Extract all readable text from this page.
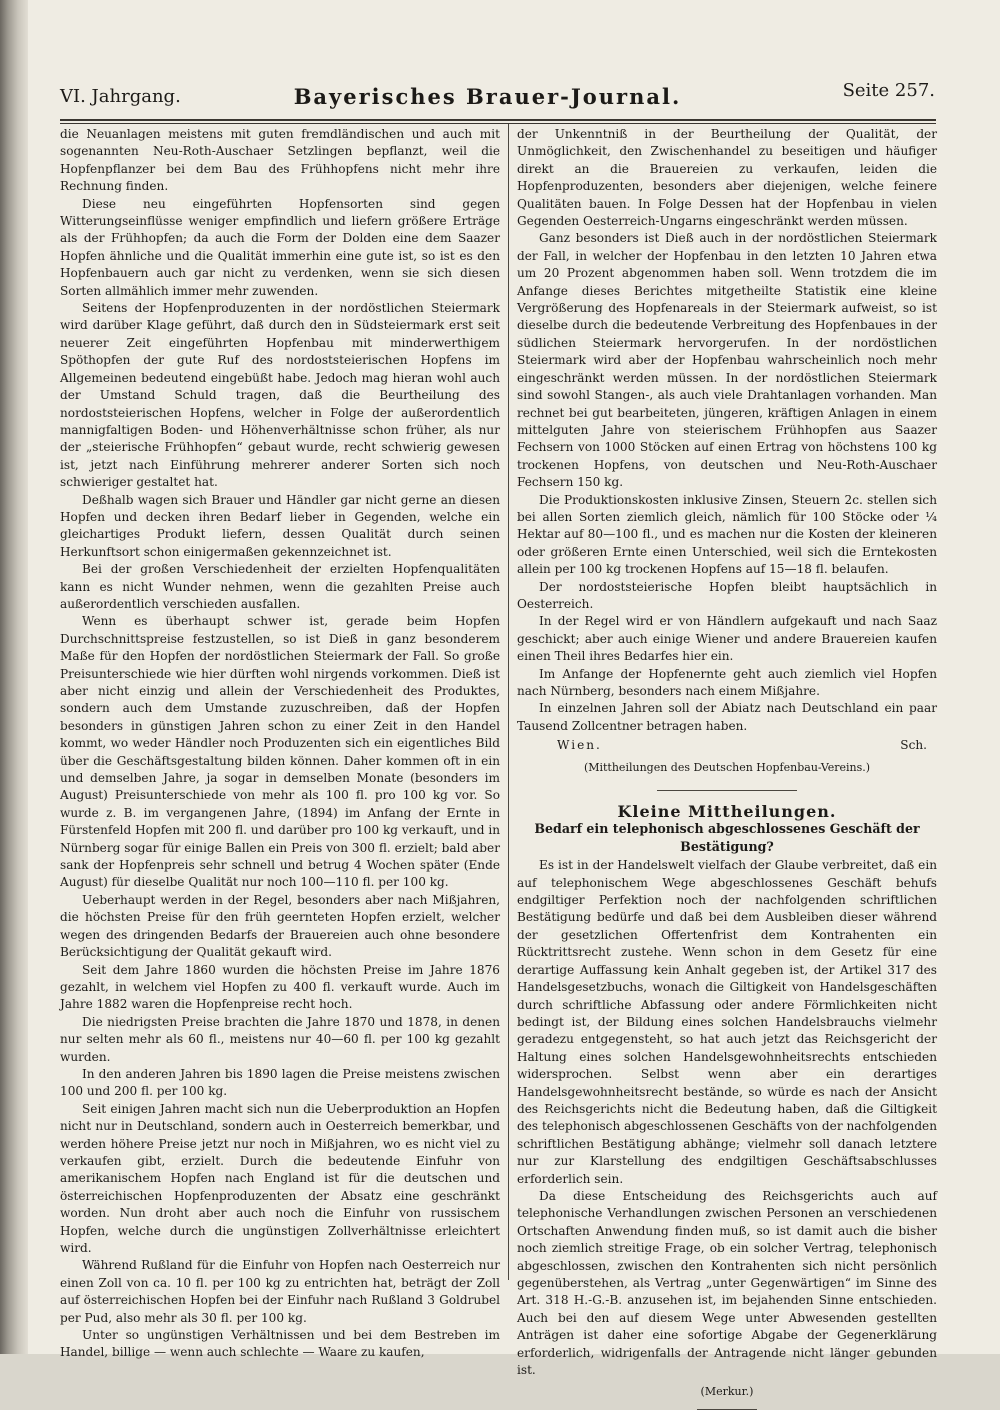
VI. Jahrgang.	Bayerisches Brauer-Journal.	Seite 257.

die Neuanlagen meistens mit guten fremdländischen und auch mit sogenannten Neu-Roth-Auschaer Setzlingen bepflanzt, weil die Hopfenpflanzer bei dem Bau des Frühhopfens nicht mehr ihre Rechnung finden.

Diese neu eingeführten Hopfensorten sind gegen Witterungseinflüsse weniger empfindlich und liefern größere Erträge als der Frühhopfen; da auch die Form der Dolden eine dem Saazer Hopfen ähnliche und die Qualität immerhin eine gute ist, so ist es den Hopfenbauern auch gar nicht zu verdenken, wenn sie sich diesen Sorten allmählich immer mehr zuwenden.

Seitens der Hopfenproduzenten in der nordöstlichen Steiermark wird darüber Klage geführt, daß durch den in Südsteiermark erst seit neuerer Zeit eingeführten Hopfenbau mit minderwerthigem Spöthopfen der gute Ruf des nordoststeierischen Hopfens im Allgemeinen bedeutend eingebüßt habe. Jedoch mag hieran wohl auch der Umstand Schuld tragen, daß die Beurtheilung des nordoststeierischen Hopfens, welcher in Folge der außerordentlich mannigfaltigen Boden- und Höhenverhältnisse schon früher, als nur der „steierische Frühhopfen“ gebaut wurde, recht schwierig gewesen ist, jetzt nach Einführung mehrerer anderer Sorten sich noch schwieriger gestaltet hat.

Deßhalb wagen sich Brauer und Händler gar nicht gerne an diesen Hopfen und decken ihren Bedarf lieber in Gegenden, welche ein gleichartiges Produkt liefern, dessen Qualität durch seinen Herkunftsort schon einigermaßen gekennzeichnet ist.

Bei der großen Verschiedenheit der erzielten Hopfenqualitäten kann es nicht Wunder nehmen, wenn die gezahlten Preise auch außerordentlich verschieden ausfallen.

Wenn es überhaupt schwer ist, gerade beim Hopfen Durchschnittspreise festzustellen, so ist Dieß in ganz besonderem Maße für den Hopfen der nordöstlichen Steiermark der Fall. So große Preisunterschiede wie hier dürften wohl nirgends vorkommen. Dieß ist aber nicht einzig und allein der Verschiedenheit des Produktes, sondern auch dem Umstande zuzuschreiben, daß der Hopfen besonders in günstigen Jahren schon zu einer Zeit in den Handel kommt, wo weder Händler noch Produzenten sich ein eigentliches Bild über die Geschäftsgestaltung bilden können. Daher kommen oft in ein und demselben Jahre, ja sogar in demselben Monate (besonders im August) Preisunterschiede von mehr als 100 fl. pro 100 kg vor. So wurde z. B. im vergangenen Jahre, (1894) im Anfang der Ernte in Fürstenfeld Hopfen mit 200 fl. und darüber pro 100 kg verkauft, und in Nürnberg sogar für einige Ballen ein Preis von 300 fl. erzielt; bald aber sank der Hopfenpreis sehr schnell und betrug 4 Wochen später (Ende August) für dieselbe Qualität nur noch 100—110 fl. per 100 kg.

Ueberhaupt werden in der Regel, besonders aber nach Mißjahren, die höchsten Preise für den früh geernteten Hopfen erzielt, welcher wegen des dringenden Bedarfs der Brauereien auch ohne besondere Berücksichtigung der Qualität gekauft wird.

Seit dem Jahre 1860 wurden die höchsten Preise im Jahre 1876 gezahlt, in welchem viel Hopfen zu 400 fl. verkauft wurde. Auch im Jahre 1882 waren die Hopfenpreise recht hoch.

Die niedrigsten Preise brachten die Jahre 1870 und 1878, in denen nur selten mehr als 60 fl., meistens nur 40—60 fl. per 100 kg gezahlt wurden.

In den anderen Jahren bis 1890 lagen die Preise meistens zwischen 100 und 200 fl. per 100 kg.

Seit einigen Jahren macht sich nun die Ueberproduktion an Hopfen nicht nur in Deutschland, sondern auch in Oesterreich bemerkbar, und werden höhere Preise jetzt nur noch in Mißjahren, wo es nicht viel zu verkaufen gibt, erzielt. Durch die bedeutende Einfuhr von amerikanischem Hopfen nach England ist für die deutschen und österreichischen Hopfenproduzenten der Absatz eine geschränkt worden. Nun droht aber auch noch die Einfuhr von russischem Hopfen, welche durch die ungünstigen Zollverhältnisse erleichtert wird.

Während Rußland für die Einfuhr von Hopfen nach Oesterreich nur einen Zoll von ca. 10 fl. per 100 kg zu entrichten hat, beträgt der Zoll auf österreichischen Hopfen bei der Einfuhr nach Rußland 3 Goldrubel per Pud, also mehr als 30 fl. per 100 kg.

Unter so ungünstigen Verhältnissen und bei dem Bestreben im Handel, billige — wenn auch schlechte — Waare zu kaufen,

der Unkenntniß in der Beurtheilung der Qualität, der Unmöglichkeit, den Zwischenhandel zu beseitigen und häufiger direkt an die Brauereien zu verkaufen, leiden die Hopfenproduzenten, besonders aber diejenigen, welche feinere Qualitäten bauen. In Folge Dessen hat der Hopfenbau in vielen Gegenden Oesterreich-Ungarns eingeschränkt werden müssen.

Ganz besonders ist Dieß auch in der nordöstlichen Steiermark der Fall, in welcher der Hopfenbau in den letzten 10 Jahren etwa um 20 Prozent abgenommen haben soll. Wenn trotzdem die im Anfange dieses Berichtes mitgetheilte Statistik eine kleine Vergrößerung des Hopfenareals in der Steiermark aufweist, so ist dieselbe durch die bedeutende Verbreitung des Hopfenbaues in der südlichen Steiermark hervorgerufen. In der nordöstlichen Steiermark wird aber der Hopfenbau wahrscheinlich noch mehr eingeschränkt werden müssen. In der nordöstlichen Steiermark sind sowohl Stangen-, als auch viele Drahtanlagen vorhanden. Man rechnet bei gut bearbeiteten, jüngeren, kräftigen Anlagen in einem mittelguten Jahre von steierischem Frühhopfen aus Saazer Fechsern von 1000 Stöcken auf einen Ertrag von höchstens 100 kg trockenen Hopfens, von deutschen und Neu-Roth-Auschaer Fechsern 150 kg.

Die Produktionskosten inklusive Zinsen, Steuern 2c. stellen sich bei allen Sorten ziemlich gleich, nämlich für 100 Stöcke oder ¼ Hektar auf 80—100 fl., und es machen nur die Kosten der kleineren oder größeren Ernte einen Unterschied, weil sich die Erntekosten allein per 100 kg trockenen Hopfens auf 15—18 fl. belaufen.

Der nordoststeierische Hopfen bleibt hauptsächlich in Oesterreich.

In der Regel wird er von Händlern aufgekauft und nach Saaz geschickt; aber auch einige Wiener und andere Brauereien kaufen einen Theil ihres Bedarfes hier ein.

Im Anfange der Hopfenernte geht auch ziemlich viel Hopfen nach Nürnberg, besonders nach einem Mißjahre.

In einzelnen Jahren soll der Abiatz nach Deutschland ein paar Tausend Zollcentner betragen haben.

Wien.	Sch.
(Mittheilungen des Deutschen Hopfenbau-Vereins.)
Kleine Mittheilungen.
Bedarf ein telephonisch abgeschlossenes Geschäft der Bestätigung?

Es ist in der Handelswelt vielfach der Glaube verbreitet, daß ein auf telephonischem Wege abgeschlossenes Geschäft behufs endgiltiger Perfektion noch der nachfolgenden schriftlichen Bestätigung bedürfe und daß bei dem Ausbleiben dieser während der gesetzlichen Offertenfrist dem Kontrahenten ein Rücktrittsrecht zustehe. Wenn schon in dem Gesetz für eine derartige Auffassung kein Anhalt gegeben ist, der Artikel 317 des Handelsgesetzbuchs, wonach die Giltigkeit von Handelsgeschäften durch schriftliche Abfassung oder andere Förmlichkeiten nicht bedingt ist, der Bildung eines solchen Handelsbrauchs vielmehr geradezu entgegensteht, so hat auch jetzt das Reichsgericht der Haltung eines solchen Handelsgewohnheitsrechts entschieden widersprochen. Selbst wenn aber ein derartiges Handelsgewohnheitsrecht bestände, so würde es nach der Ansicht des Reichsgerichts nicht die Bedeutung haben, daß die Giltigkeit des telephonisch abgeschlossenen Geschäfts von der nachfolgenden schriftlichen Bestätigung abhänge; vielmehr soll danach letztere nur zur Klarstellung des endgiltigen Geschäftsabschlusses erforderlich sein.

Da diese Entscheidung des Reichsgerichts auch auf telephonische Verhandlungen zwischen Personen an verschiedenen Ortschaften Anwendung finden muß, so ist damit auch die bisher noch ziemlich streitige Frage, ob ein solcher Vertrag, telephonisch abgeschlossen, zwischen den Kontrahenten sich nicht persönlich gegenüberstehen, als Vertrag „unter Gegenwärtigen“ im Sinne des Art. 318 H.-G.-B. anzusehen ist, im bejahenden Sinne entschieden. Auch bei den auf diesem Wege unter Abwesenden gestellten Anträgen ist daher eine sofortige Abgabe der Gegenerklärung erforderlich, widrigenfalls der Antragende nicht länger gebunden ist.

(Merkur.)
